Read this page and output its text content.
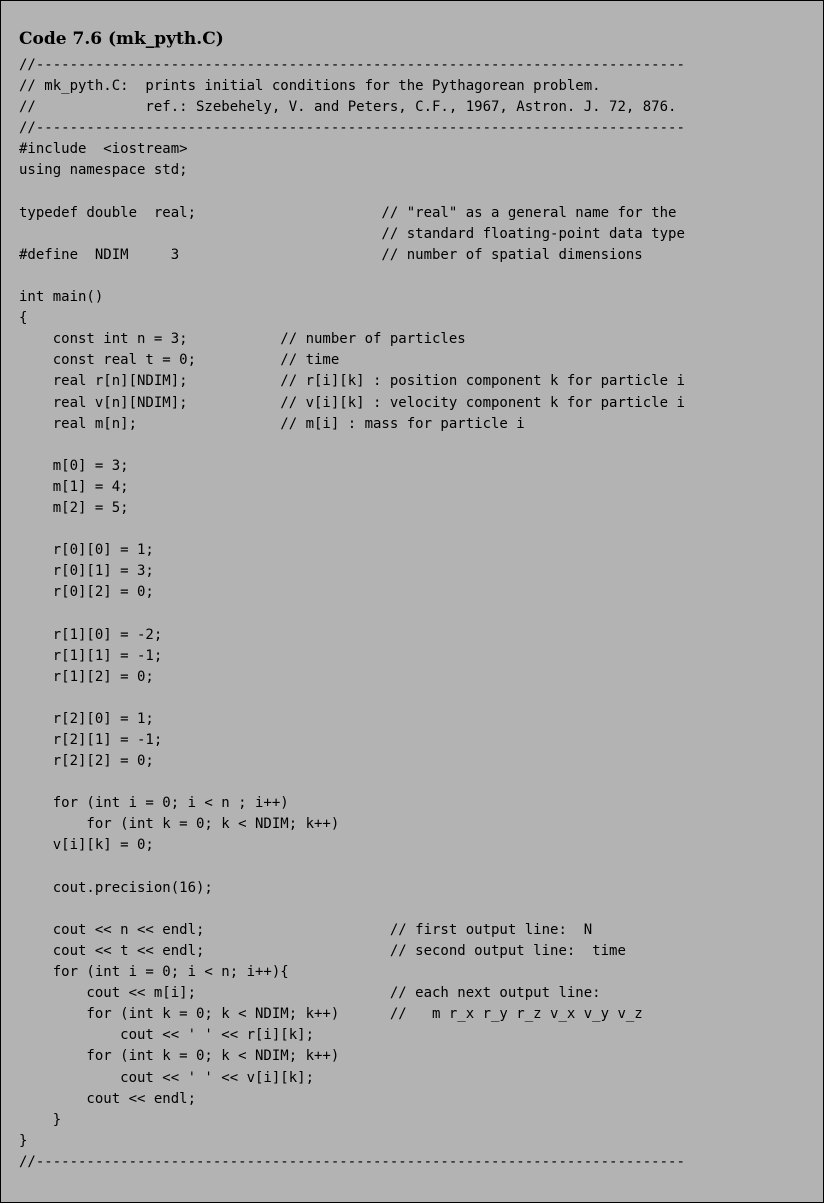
Code 7.6 (mk_pyth.C)
//-----------------------------------------------------------------------------
// mk_pyth.C:  prints initial conditions for the Pythagorean problem.
//             ref.: Szebehely, V. and Peters, C.F., 1967, Astron. J. 72, 876.
//-----------------------------------------------------------------------------
#include  <iostream>
using namespace std;
typedef double  real;                      // "real" as a general name for the
// standard floating-point data type
#define  NDIM     3                        // number of spatial dimensions
int main()
{
const int n = 3;           // number of particles
const real t = 0;          // time
real r[n][NDIM];           // r[i][k] : position component k for particle i
real v[n][NDIM];           // v[i][k] : velocity component k for particle i
real m[n];                 // m[i] : mass for particle i
m[0] = 3;
m[1] = 4;
m[2] = 5;
r[0][0] = 1;
r[0][1] = 3;
r[0][2] = 0;
r[1][0] = -2;
r[1][1] = -1;
r[1][2] = 0;
r[2][0] = 1;
r[2][1] = -1;
r[2][2] = 0;
for (int i = 0; i < n ; i++)
for (int k = 0; k < NDIM; k++)
v[i][k] = 0;
cout.precision(16);
cout << n << endl;                      // first output line:  N
cout << t << endl;                      // second output line:  time
for (int i = 0; i < n; i++){
cout << m[i];                       // each next output line:
for (int k = 0; k < NDIM; k++)      //   m r_x r_y r_z v_x v_y v_z
cout << ' ' << r[i][k];
for (int k = 0; k < NDIM; k++)
cout << ' ' << v[i][k];
cout << endl;
}
}
//-----------------------------------------------------------------------------
